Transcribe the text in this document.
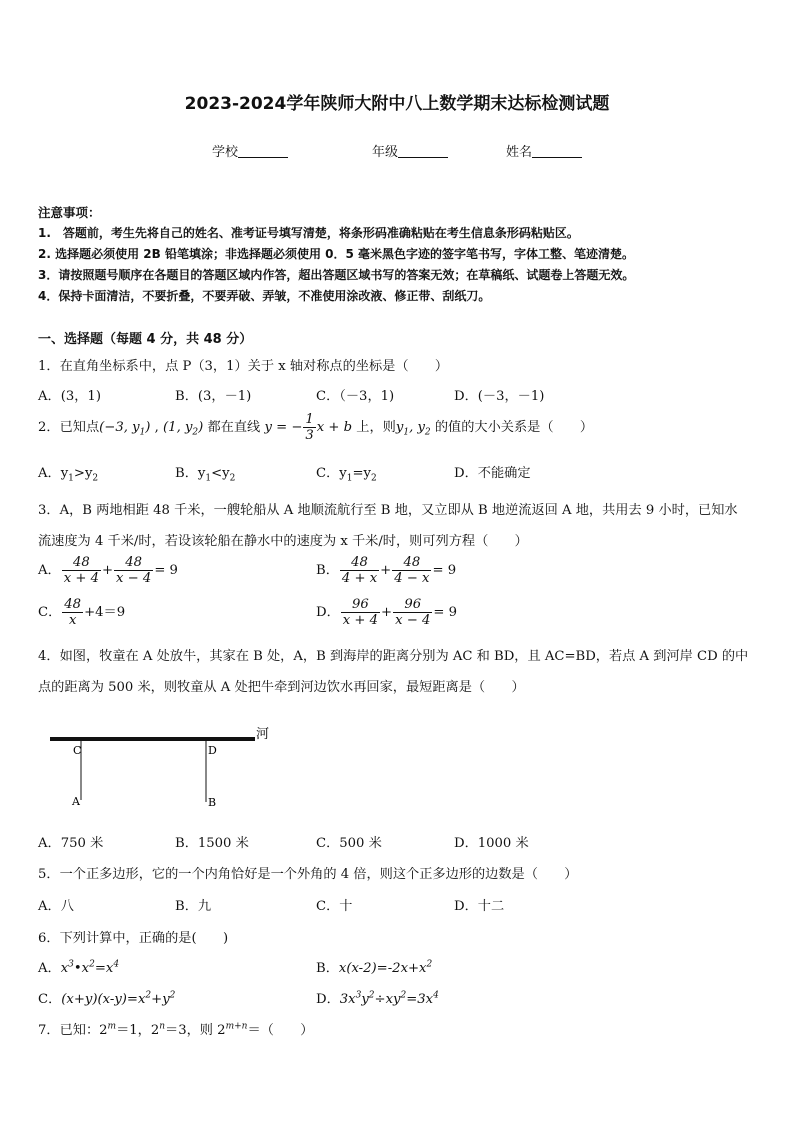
2023-2024学年陕师大附中八上数学期末达标检测试题
学校	年级	姓名
注意事项：
1.　答题前，考生先将自己的姓名、准考证号填写清楚，将条形码准确粘贴在考生信息条形码粘贴区。
2. 选择题必须使用 2B 铅笔填涂；非选择题必须使用 0．5 毫米黑色字迹的签字笔书写，字体工整、笔迹清楚。
3．请按照题号顺序在各题目的答题区域内作答，超出答题区域书写的答案无效；在草稿纸、试题卷上答题无效。
4．保持卡面清洁，不要折叠，不要弄破、弄皱，不准使用涂改液、修正带、刮纸刀。
一、选择题（每题 4 分，共 48 分）
1．在直角坐标系中，点 P（3，1）关于 x 轴对称点的坐标是（　　）
A．(3，1)	B．(3，－1)	C．（－3，1)	D．(－3，－1)
2．已知点(−3, $y_1$) , (1, $y_2$) 都在直线 y = − $\frac{1}{3}$ x + b 上，则$y_1$, $y_2$ 的值的大小关系是（　　）
A．$y_1>y_2$	B．$y_1<y_2$	C．$y_1=y_2$	D．不能确定
3．A，B 两地相距 48 千米，一艘轮船从 A 地顺流航行至 B 地，又立即从 B 地逆流返回 A 地，共用去 9 小时，已知水
流速度为 4 千米/时，若设该轮船在静水中的速度为 x 千米/时，则可列方程（　　）
A． $\frac{48}{x + 4} + \frac{48}{x - 4} = 9$	B． $\frac{48}{4 + x} + \frac{48}{4 - x} = 9$
C． $\frac{48}{x} +4=9$	D． $\frac{96}{x + 4} + \frac{96}{x - 4} = 9$
4．如图，牧童在 A 处放牛，其家在 B 处，A，B 到海岸的距离分别为 AC 和 BD，且 AC=BD，若点 A 到河岸 CD 的中
点的距离为 500 米，则牧童从 A 处把牛牵到河边饮水再回家，最短距离是（　　）
河
C	D
A	B
A．750 米	B．1500 米	C．500 米	D．1000 米
5．一个正多边形，它的一个内角恰好是一个外角的 4 倍，则这个正多边形的边数是（　　）
A．八	B．九	C．十	D．十二
6．下列计算中，正确的是(　　)
A．$x^3•x^2=x^4$	B．$x(x-2)=-2x+x^2$
C．$(x+y)(x-y)=x^2+y^2$	D．$3x^3y^2\div xy^2=3x^4$
7．已知：$2^m=1$，$2^n=3$，则 $2^{m+n}=$（　　）
